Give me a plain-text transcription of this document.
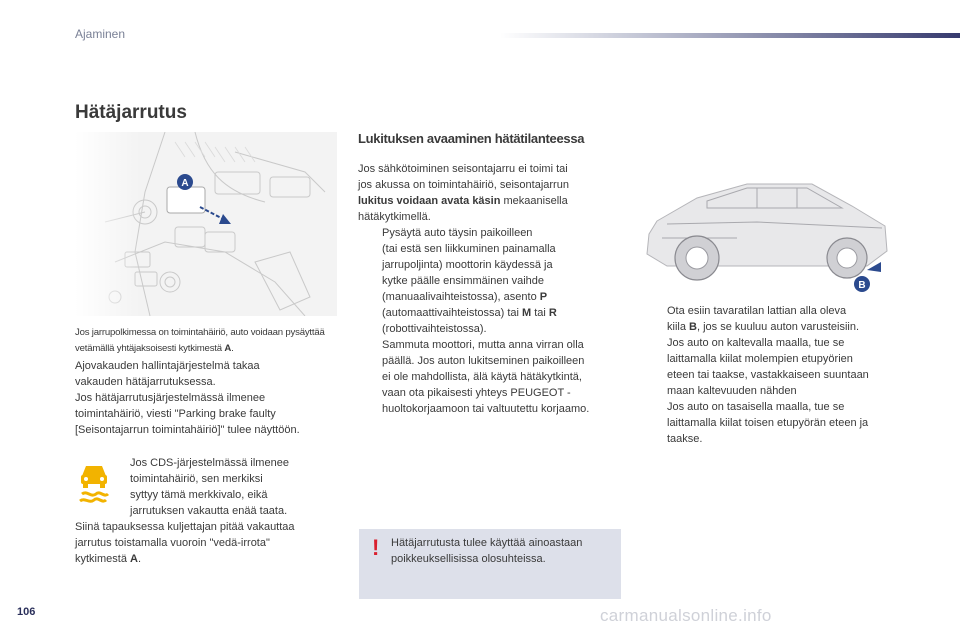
Ajaminen
Hätäjarrutus
B
Jos jarrupolkimessa on toimintahäiriö, auto voidaan pysäyttää vetämällä yhtäjaksoisesti kytkimestä A.
Ajovakauden hallintajärjestelmä takaa
vakauden hätäjarrutuksessa.
Jos hätäjarrutusjärjestelmässä ilmenee
toimintahäiriö, viesti "Parking brake faulty
[Seisontajarrun toimintahäiriö]" tulee näyttöön.
Jos CDS-järjestelmässä ilmenee
toimintahäiriö, sen merkiksi
syttyy tämä merkkivalo, eikä
jarrutuksen vakautta enää taata.
Siinä tapauksessa kuljettajan pitää vakauttaa
jarrutus toistamalla vuoroin "vedä-irrota"
kytkimestä A.
Lukituksen avaaminen hätätilanteessa
Jos sähkötoiminen seisontajarru ei toimi tai
jos akussa on toimintahäiriö, seisontajarrun
lukitus voidaan avata käsin mekaanisella
hätäkytkimellä.
Pysäytä auto täysin paikoilleen
(tai estä sen liikkuminen painamalla
jarrupoljinta) moottorin käydessä ja
kytke päälle ensimmäinen vaihde
(manuaalivaihteistossa), asento P
(automaattivaihteistossa) tai M tai R
(robottivaihteistossa).
Sammuta moottori, mutta anna virran olla
päällä. Jos auton lukitseminen paikoilleen
ei ole mahdollista, älä käytä hätäkytkintä,
vaan ota pikaisesti yhteys PEUGEOT -
huoltokorjaamoon tai valtuutettu korjaamo.
Ota esiin tavaratilan lattian alla oleva
kiila B, jos se kuuluu auton varusteisiin.
Jos auto on kaltevalla maalla, tue se
laittamalla kiilat molempien etupyörien
eteen tai taakse, vastakkaiseen suuntaan
maan kaltevuuden nähden
Jos auto on tasaisella maalla, tue se
laittamalla kiilat toisen etupyörän eteen ja
taakse.
! Hätäjarrutusta tulee käyttää ainoastaan
poikkeuksellisissa olosuhteissa.
106	carmanualsonline.info
